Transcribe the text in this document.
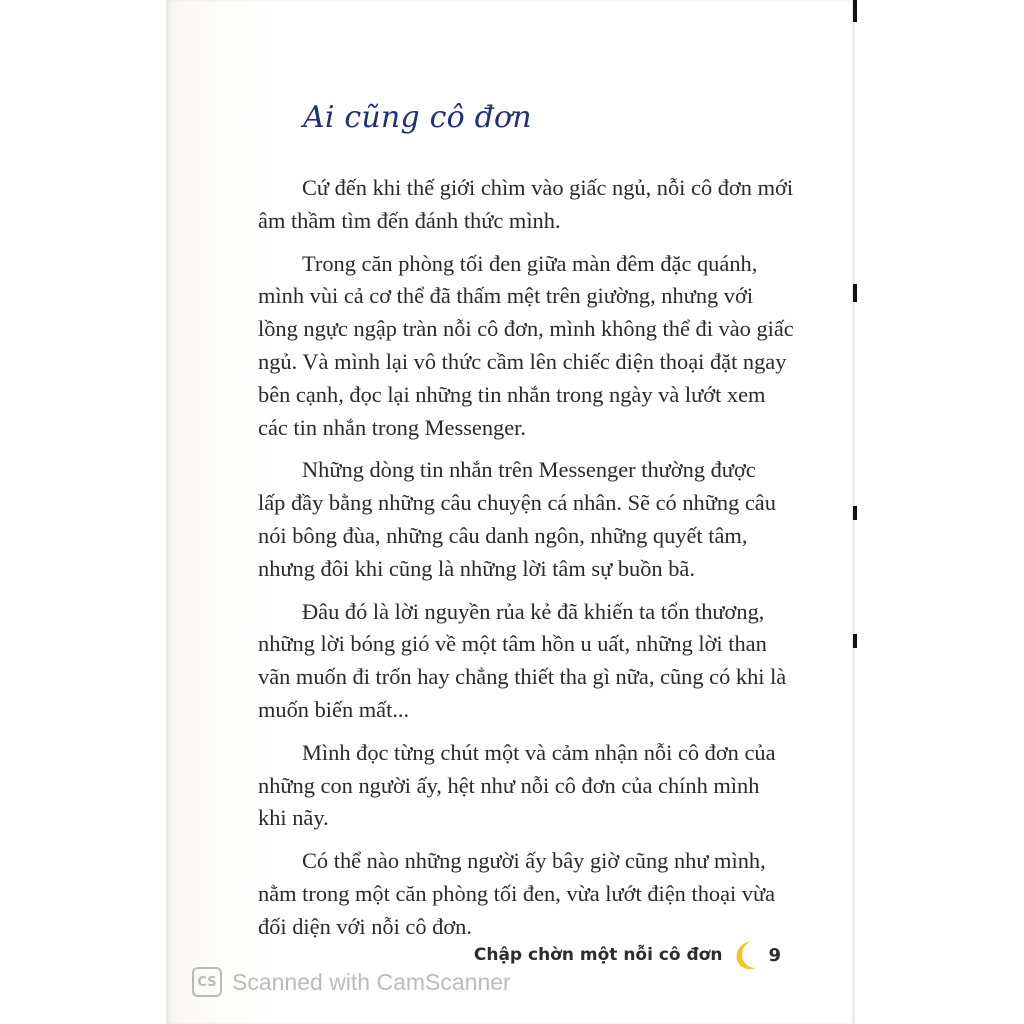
Ai cũng cô đơn

Cứ đến khi thế giới chìm vào giấc ngủ, nỗi cô đơn mới
âm thầm tìm đến đánh thức mình.

Trong căn phòng tối đen giữa màn đêm đặc quánh,
mình vùi cả cơ thể đã thấm mệt trên giường, nhưng với
lồng ngực ngập tràn nỗi cô đơn, mình không thể đi vào giấc
ngủ. Và mình lại vô thức cầm lên chiếc điện thoại đặt ngay
bên cạnh, đọc lại những tin nhắn trong ngày và lướt xem
các tin nhắn trong Messenger.

Những dòng tin nhắn trên Messenger thường được
lấp đầy bằng những câu chuyện cá nhân. Sẽ có những câu
nói bông đùa, những câu danh ngôn, những quyết tâm,
nhưng đôi khi cũng là những lời tâm sự buồn bã.

Đâu đó là lời nguyền rủa kẻ đã khiến ta tổn thương,
những lời bóng gió về một tâm hồn u uất, những lời than
vãn muốn đi trốn hay chẳng thiết tha gì nữa, cũng có khi là
muốn biến mất...

Mình đọc từng chút một và cảm nhận nỗi cô đơn của
những con người ấy, hệt như nỗi cô đơn của chính mình
khi nãy.

Có thể nào những người ấy bây giờ cũng như mình,
nằm trong một căn phòng tối đen, vừa lướt điện thoại vừa
đối diện với nỗi cô đơn.

Chập chờn một nỗi cô đơn	9
CS Scanned with CamScanner
